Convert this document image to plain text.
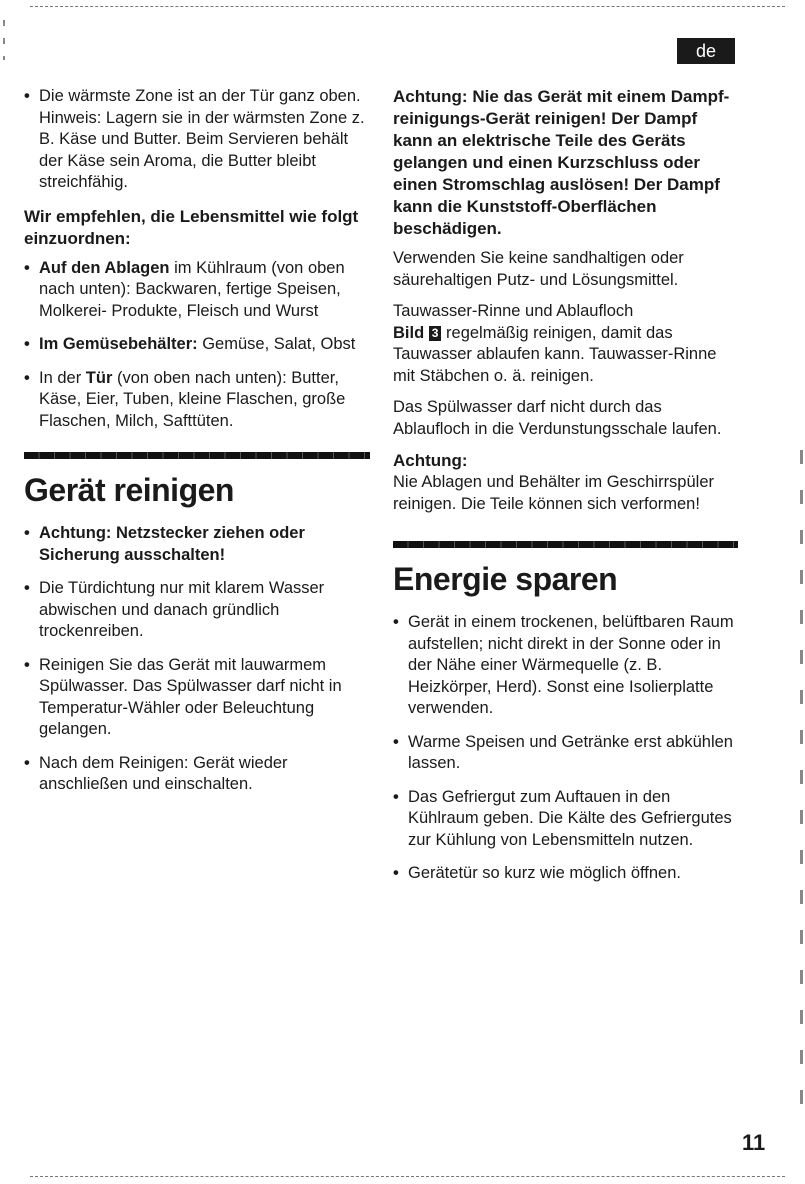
de
• Die wärmste Zone ist an der Tür ganz oben. Hinweis: Lagern sie in der wärmsten Zone z. B. Käse und Butter. Beim Servieren behält der Käse sein Aroma, die Butter bleibt streichfähig.

Wir empfehlen, die Lebensmittel wie folgt einzuordnen:

• Auf den Ablagen im Kühlraum (von oben nach unten): Backwaren, fertige Speisen, Molkerei- Produkte, Fleisch und Wurst
• Im Gemüsebehälter: Gemüse, Salat, Obst
• In der Tür (von oben nach unten): Butter, Käse, Eier, Tuben, kleine Flaschen, große Flaschen, Milch, Safttüten.
Gerät reinigen
• Achtung: Netzstecker ziehen oder Sicherung ausschalten!
• Die Türdichtung nur mit klarem Wasser abwischen und danach gründlich trockenreiben.
• Reinigen Sie das Gerät mit lauwarmem Spülwasser. Das Spülwasser darf nicht in Temperatur-Wähler oder Beleuchtung gelangen.
• Nach dem Reinigen: Gerät wieder anschließen und einschalten.

Achtung: Nie das Gerät mit einem Dampf- reinigungs-Gerät reinigen! Der Dampf kann an elektrische Teile des Geräts gelangen und einen Kurzschluss oder einen Stromschlag auslösen! Der Dampf kann die Kunststoff-Oberflächen beschädigen.

Verwenden Sie keine sandhaltigen oder säurehaltigen Putz- und Lösungsmittel.

Tauwasser-Rinne und Ablaufloch
Bild 3 regelmäßig reinigen, damit das Tauwasser ablaufen kann. Tauwasser-Rinne mit Stäbchen o. ä. reinigen.

Das Spülwasser darf nicht durch das Ablaufloch in die Verdunstungsschale laufen.

Achtung:

Nie Ablagen und Behälter im Geschirrspüler reinigen. Die Teile können sich verformen!

Energie sparen
• Gerät in einem trockenen, belüftbaren Raum aufstellen; nicht direkt in der Sonne oder in der Nähe einer Wärmequelle (z. B. Heizkörper, Herd). Sonst eine Isolierplatte verwenden.
• Warme Speisen und Getränke erst abkühlen lassen.
• Das Gefriergut zum Auftauen in den Kühlraum geben. Die Kälte des Gefriergutes zur Kühlung von Lebensmitteln nutzen.
• Gerätetür so kurz wie möglich öffnen.
11
